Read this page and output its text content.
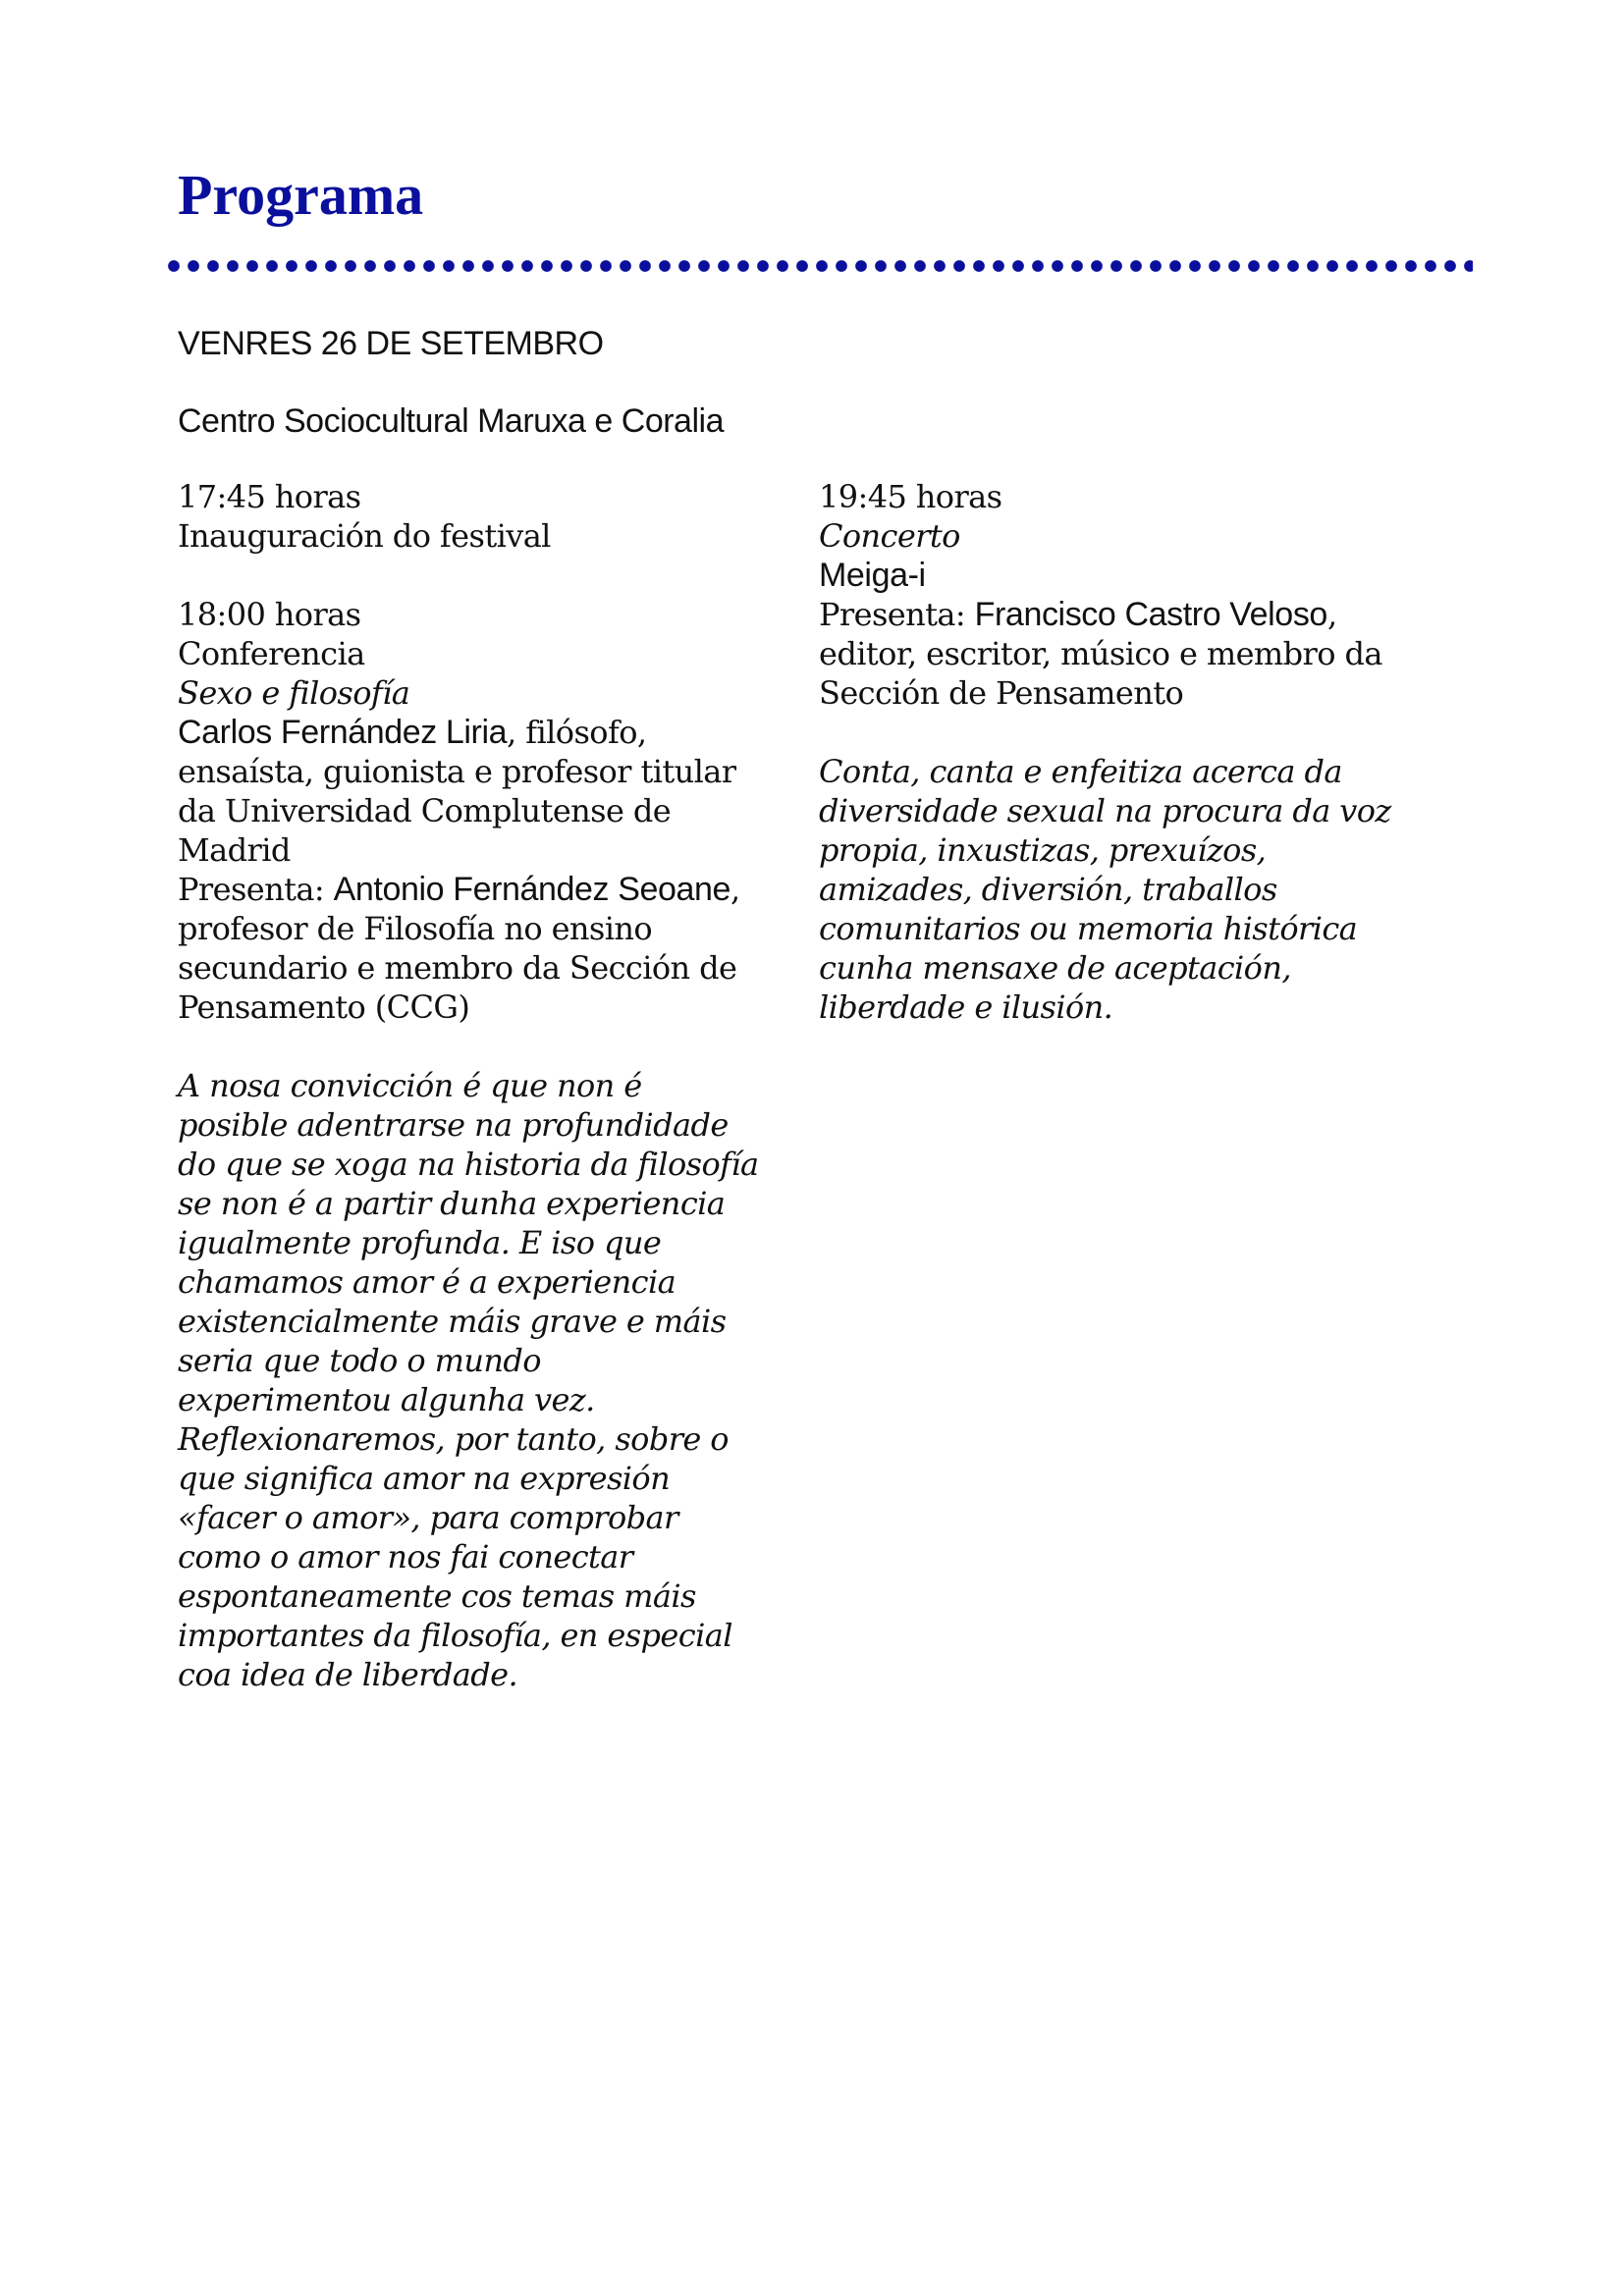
Programa

VENRES 26 DE SETEMBRO

Centro Sociocultural Maruxa e Coralia

17:45 horas
Inauguración do festival
18:00 horas
Conferencia
Sexo e filosofía
Carlos Fernández Liria, filósofo,
ensaísta, guionista e profesor titular
da Universidad Complutense de
Madrid
Presenta: Antonio Fernández Seoane,
profesor de Filosofía no ensino
secundario e membro da Sección de
Pensamento (CCG)
A nosa convicción é que non é
posible adentrarse na profundidade
do que se xoga na historia da filosofía
se non é a partir dunha experiencia
igualmente profunda. E iso que
chamamos amor é a experiencia
existencialmente máis grave e máis
seria que todo o mundo
experimentou algunha vez.
Reflexionaremos, por tanto, sobre o
que significa amor na expresión
«facer o amor», para comprobar
como o amor nos fai conectar
espontaneamente cos temas máis
importantes da filosofía, en especial
coa idea de liberdade.
19:45 horas
Concerto
Meiga-i
Presenta: Francisco Castro Veloso,
editor, escritor, músico e membro da
Sección de Pensamento
Conta, canta e enfeitiza acerca da
diversidade sexual na procura da voz
propia, inxustizas, prexuízos,
amizades, diversión, traballos
comunitarios ou memoria histórica
cunha mensaxe de aceptación,
liberdade e ilusión.
